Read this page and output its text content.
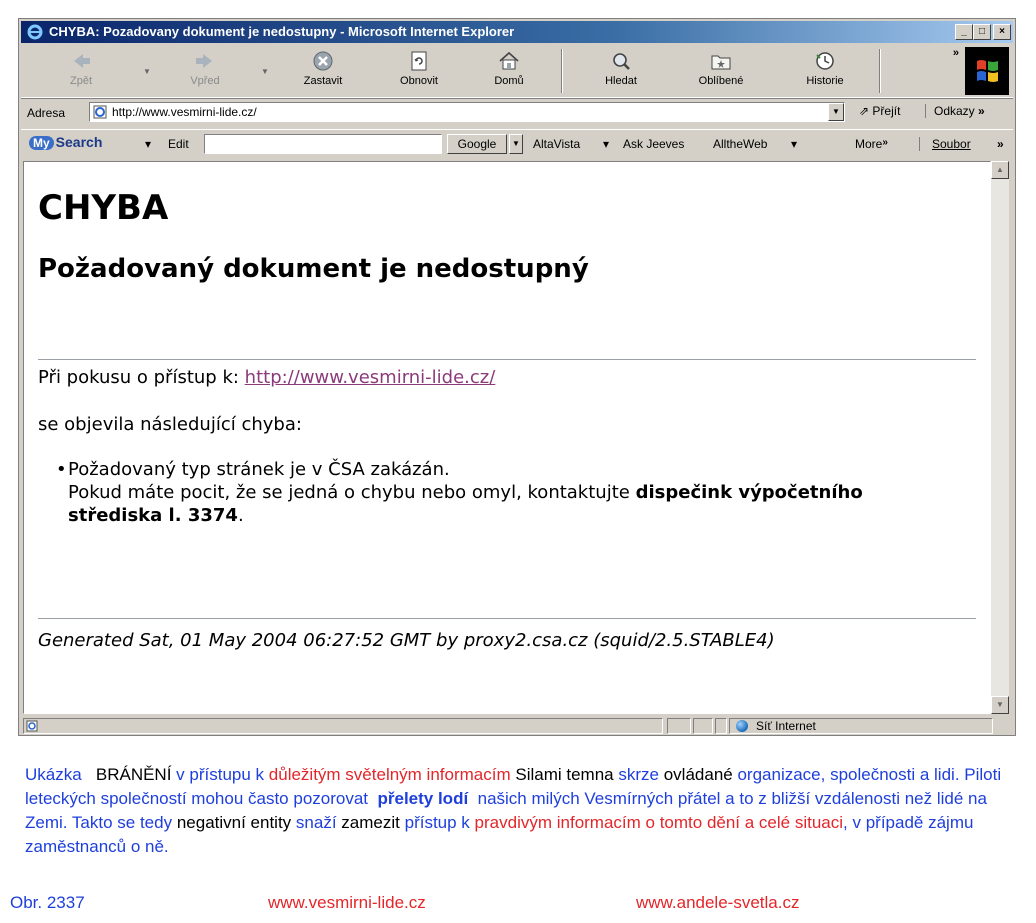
CHYBA: Pozadovany dokument je nedostupny - Microsoft Internet Explorer	_	□	×
Zpět
▼
Vpřed
▼
Zastavit	Obnovit	Domů	Hledat	Oblíbené	Historie
»
Adresa	http://www.vesmirni-lide.cz/	▼	⇗ Přejít	Odkazy »
My Search	▾ Edit	Google	▼ AltaVista ▾ Ask Jeeves AlltheWeb ▾	More»	Soubor »
CHYBA
Požadovaný dokument je nedostupný
Při pokusu o přístup k: http://www.vesmirni-lide.cz/
se objevila následující chyba:
• Požadovaný typ stránek je v ČSA zakázán.
Pokud máte pocit, že se jedná o chybu nebo omyl, kontaktujte dispečink výpočetního střediska l. 3374.
Generated Sat, 01 May 2004 06:27:52 GMT by proxy2.csa.cz (squid/2.5.STABLE4)
▲
▼
Síť Internet
Ukázka BRÁNĚNÍ v přístupu k důležitým světelným informacím Silami temna skrze ovládané organizace, společnosti a lidi. Piloti leteckých společností mohou často pozorovat přelety lodí našich milých Vesmírných přátel a to z bližší vzdálenosti než lidé na Zemi. Takto se tedy negativní entity snaží zamezit přístup k pravdivým informacím o tomto dění a celé situaci, v případě zájmu zaměstnanců o ně.
Obr. 2337	www.vesmirni-lide.cz	www.andele-svetla.cz
